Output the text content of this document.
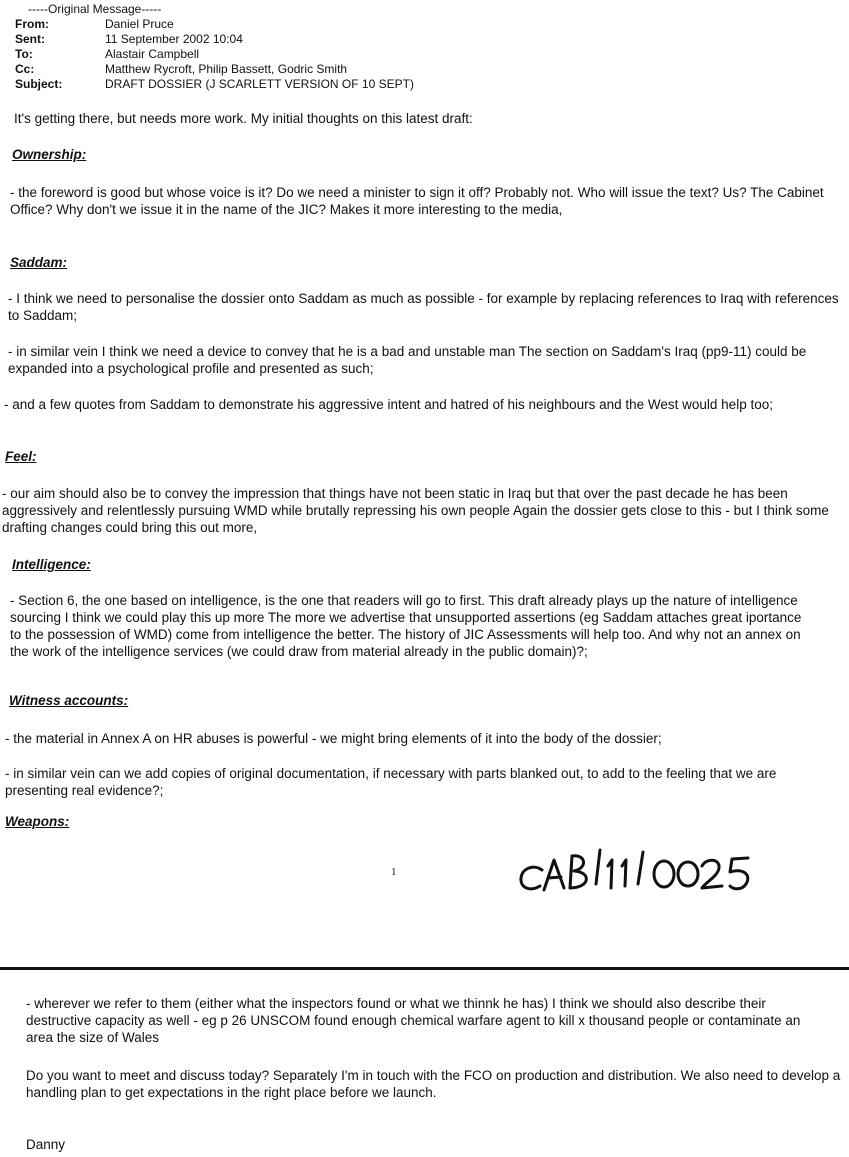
-----Original Message-----
From:	Daniel Pruce
Sent:	11 September 2002 10:04
To:	Alastair Campbell
Cc:	Matthew Rycroft, Philip Bassett, Godric Smith
Subject:	DRAFT DOSSIER (J SCARLETT VERSION OF 10 SEPT)
It's getting there, but needs more work. My initial thoughts on this latest draft:
Ownership:
- the foreword is good but whose voice is it? Do we need a minister to sign it off? Probably not. Who will issue the text? Us? The Cabinet Office? Why don't we issue it in the name of the JIC? Makes it more interesting to the media,
Saddam:
- I think we need to personalise the dossier onto Saddam as much as possible - for example by replacing references to Iraq with references to Saddam;
- in similar vein I think we need a device to convey that he is a bad and unstable man The section on Saddam's Iraq (pp9-11) could be expanded into a psychological profile and presented as such;
- and a few quotes from Saddam to demonstrate his aggressive intent and hatred of his neighbours and the West would help too;
Feel:
- our aim should also be to convey the impression that things have not been static in Iraq but that over the past decade he has been aggressively and relentlessly pursuing WMD while brutally repressing his own people Again the dossier gets close to this - but I think some drafting changes could bring this out more,
Intelligence:
- Section 6, the one based on intelligence, is the one that readers will go to first. This draft already plays up the nature of intelligence sourcing I think we could play this up more The more we advertise that unsupported assertions (eg Saddam attaches great iportance to the possession of WMD) come from intelligence the better. The history of JIC Assessments will help too. And why not an annex on the work of the intelligence services (we could draw from material already in the public domain)?;
Witness accounts:
- the material in Annex A on HR abuses is powerful - we might bring elements of it into the body of the dossier;
- in similar vein can we add copies of original documentation, if necessary with parts blanked out, to add to the feeling that we are presenting real evidence?;
Weapons:
1
- wherever we refer to them (either what the inspectors found or what we thinnk he has) I think we should also describe their destructive capacity as well - eg p 26 UNSCOM found enough chemical warfare agent to kill x thousand people or contaminate an area the size of Wales
Do you want to meet and discuss today? Separately I'm in touch with the FCO on production and distribution. We also need to develop a handling plan to get expectations in the right place before we launch.
Danny
